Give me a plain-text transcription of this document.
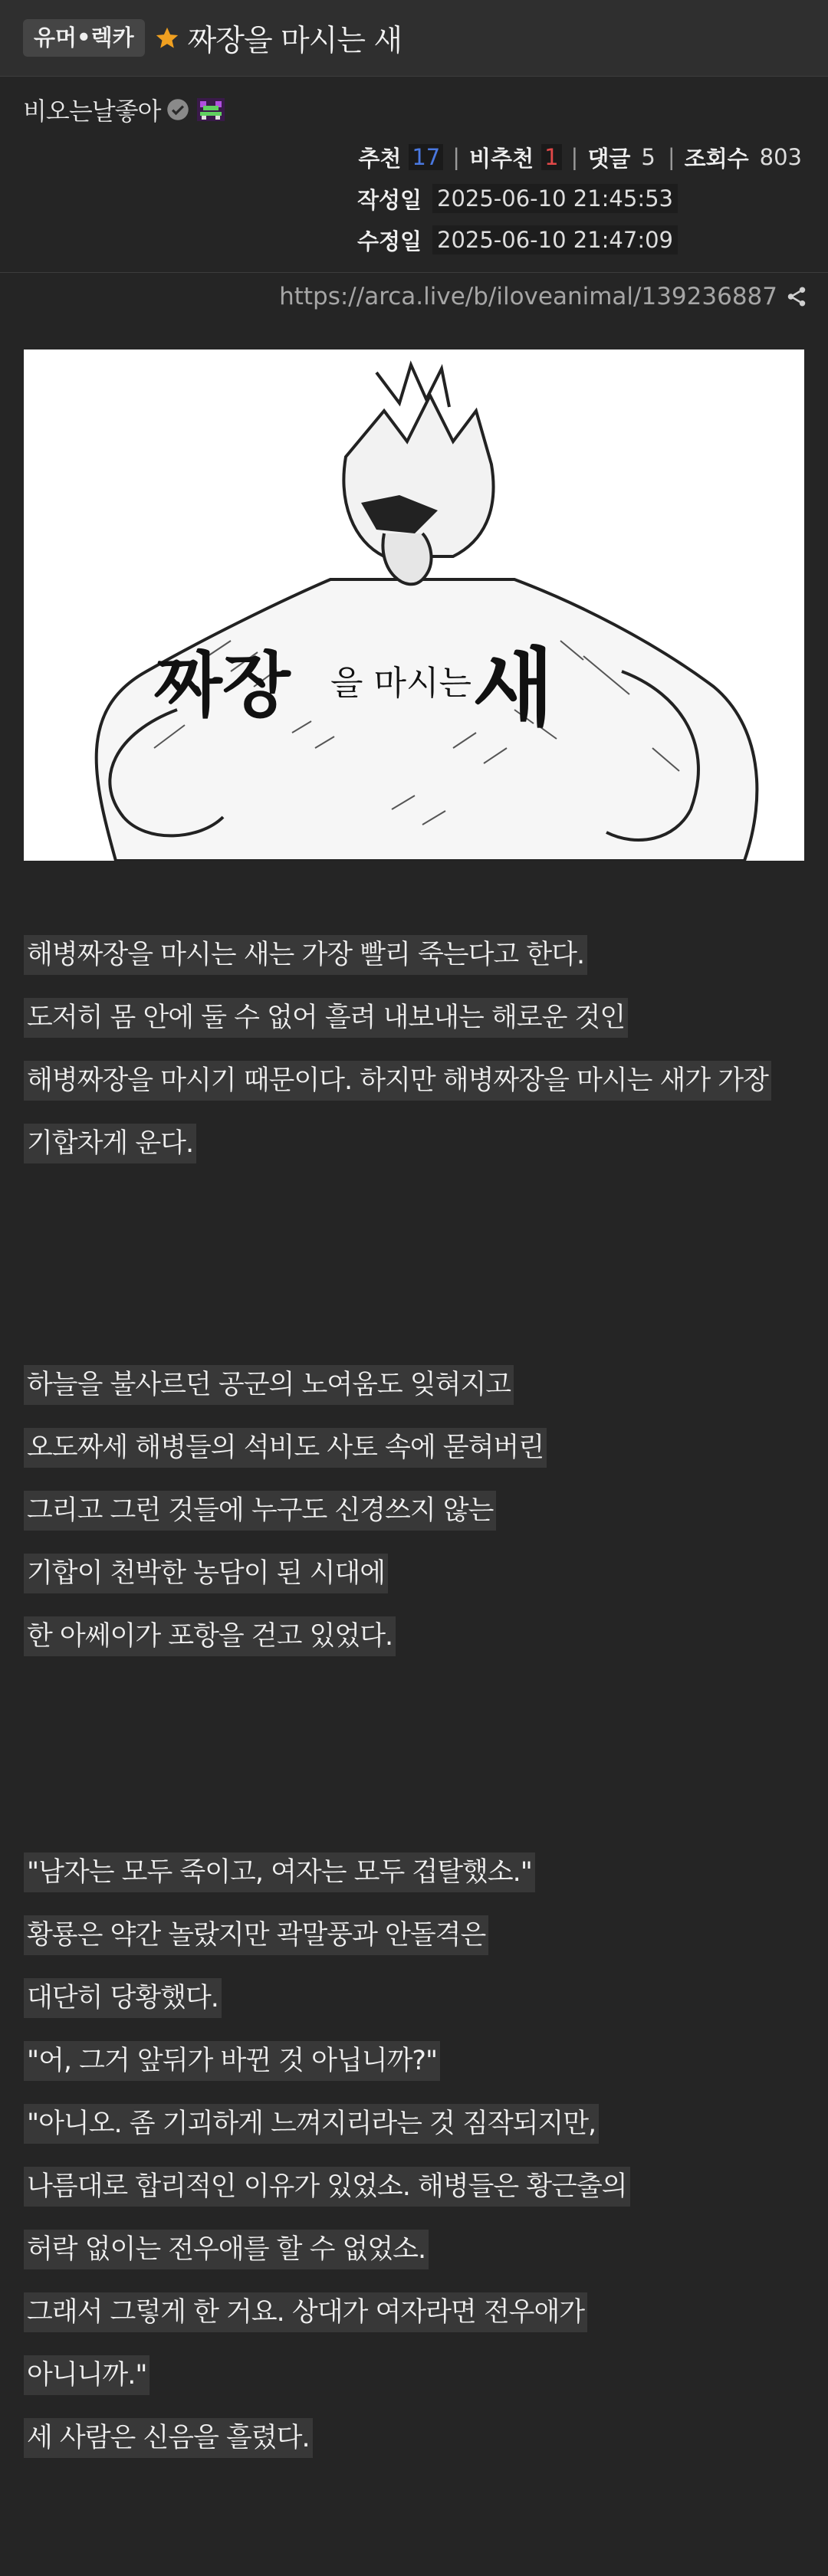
유머•렉카	짜장을 마시는 새
비오는날좋아
추천 17 | 비추천 1 | 댓글 5 | 조회수 803
작성일 2025-06-10 21:45:53
수정일 2025-06-10 21:47:09
https://arca.live/b/iloveanimal/139236887
짜장 을 마시는 새
해병짜장을 마시는 새는 가장 빨리 죽는다고 한다.
도저히 몸 안에 둘 수 없어 흘려 내보내는 해로운 것인
해병짜장을 마시기 때문이다. 하지만 해병짜장을 마시는 새가 가장
기합차게 운다.
하늘을 불사르던 공군의 노여움도 잊혀지고
오도짜세 해병들의 석비도 사토 속에 묻혀버린
그리고 그런 것들에 누구도 신경쓰지 않는
기합이 천박한 농담이 된 시대에
한 아쎄이가 포항을 걷고 있었다.
"남자는 모두 죽이고, 여자는 모두 겁탈했소."
황룡은 약간 놀랐지만 곽말풍과 안돌격은
대단히 당황했다.
"어, 그거 앞뒤가 바뀐 것 아닙니까?"
"아니오. 좀 기괴하게 느껴지리라는 것 짐작되지만,
나름대로 합리적인 이유가 있었소. 해병들은 황근출의
허락 없이는 전우애를 할 수 없었소.
그래서 그렇게 한 거요. 상대가 여자라면 전우애가
아니니까."
세 사람은 신음을 흘렸다.
